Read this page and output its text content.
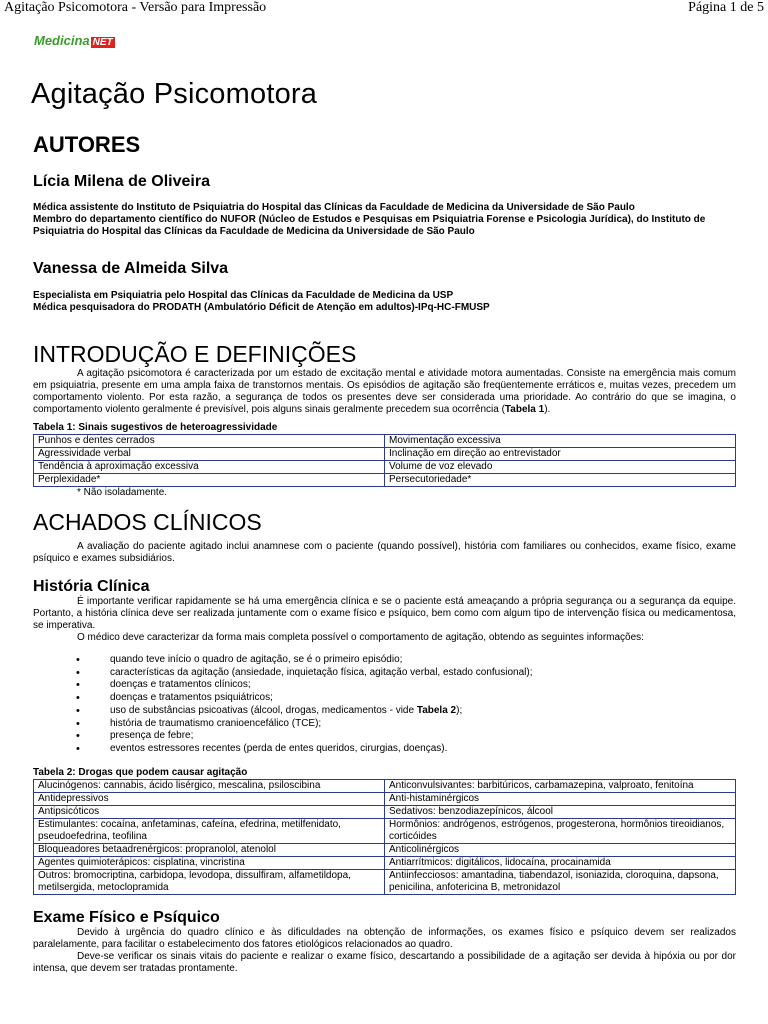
Agitação Psicomotora - Versão para Impressão	Página 1 de 5
Medicina NET
Agitação Psicomotora
AUTORES
Lícia Milena de Oliveira
Médica assistente do Instituto de Psiquiatria do Hospital das Clínicas da Faculdade de Medicina da Universidade de São Paulo
Membro do departamento científico do NUFOR (Núcleo de Estudos e Pesquisas em Psiquiatria Forense e Psicologia Jurídica), do Instituto de Psiquiatria do Hospital das Clínicas da Faculdade de Medicina da Universidade de São Paulo
Vanessa de Almeida Silva
Especialista em Psiquiatria pelo Hospital das Clínicas da Faculdade de Medicina da USP
Médica pesquisadora do PRODATH (Ambulatório Déficit de Atenção em adultos)-IPq-HC-FMUSP
INTRODUÇÃO E DEFINIÇÕES

A agitação psicomotora é caracterizada por um estado de excitação mental e atividade motora aumentadas. Consiste na emergência mais comum em psiquiatria, presente em uma ampla faixa de transtornos mentais. Os episódios de agitação são freqüentemente erráticos e, muitas vezes, precedem um comportamento violento. Por esta razão, a segurança de todos os presentes deve ser considerada uma prioridade. Ao contrário do que se imagina, o comportamento violento geralmente é previsível, pois alguns sinais geralmente precedem sua ocorrência (Tabela 1).

Tabela 1: Sinais sugestivos de heteroagressividade
Punhos e dentes cerrados	Movimentação excessiva
Agressividade verbal	Inclinação em direção ao entrevistador
Tendência à aproximação excessiva	Volume de voz elevado
Perplexidade*	Persecutoriedade*

* Não isoladamente.

ACHADOS CLÍNICOS

A avaliação do paciente agitado inclui anamnese com o paciente (quando possível), história com familiares ou conhecidos, exame físico, exame psíquico e exames subsidiários.

História Clínica

É importante verificar rapidamente se há uma emergência clínica e se o paciente está ameaçando a própria segurança ou a segurança da equipe. Portanto, a história clínica deve ser realizada juntamente com o exame físico e psíquico, bem como com algum tipo de intervenção física ou medicamentosa, se imperativa.

O médico deve caracterizar da forma mais completa possível o comportamento de agitação, obtendo as seguintes informações:

• quando teve início o quadro de agitação, se é o primeiro episódio;
• características da agitação (ansiedade, inquietação física, agitação verbal, estado confusional);
• doenças e tratamentos clínicos;
• doenças e tratamentos psiquiátricos;
• uso de substâncias psicoativas (álcool, drogas, medicamentos - vide Tabela 2);
• história de traumatismo cranioencefálico (TCE);
• presença de febre;
• eventos estressores recentes (perda de entes queridos, cirurgias, doenças).
Tabela 2: Drogas que podem causar agitação
Alucinógenos: cannabis, ácido lisérgico, mescalina, psiloscibina	Anticonvulsivantes: barbitúricos, carbamazepina, valproato, fenitoína
Antidepressivos	Anti-histaminérgicos
Antipsicóticos	Sedativos: benzodiazepínicos, álcool
Estimulantes: cocaína, anfetaminas, cafeína, efedrina, metilfenidato, pseudoefedrina, teofilina	Hormônios: andrógenos, estrógenos, progesterona, hormônios tireoidianos, corticóides
Bloqueadores betaadrenérgicos: propranolol, atenolol	Anticolinérgicos
Agentes quimioterápicos: cisplatina, vincristina	Antiarrítmicos: digitálicos, lidocaína, procainamida
Outros: bromocriptina, carbidopa, levodopa, dissulfiram, alfametildopa, metilsergida, metoclopramida	Antiinfecciosos: amantadina, tiabendazol, isoniazida, cloroquina, dapsona, penicilina, anfotericina B, metronidazol
Exame Físico e Psíquico

Devido à urgência do quadro clínico e às dificuldades na obtenção de informações, os exames físico e psíquico devem ser realizados paralelamente, para facilitar o estabelecimento dos fatores etiológicos relacionados ao quadro.

Deve-se verificar os sinais vitais do paciente e realizar o exame físico, descartando a possibilidade de a agitação ser devida à hipóxia ou por dor intensa, que devem ser tratadas prontamente.
